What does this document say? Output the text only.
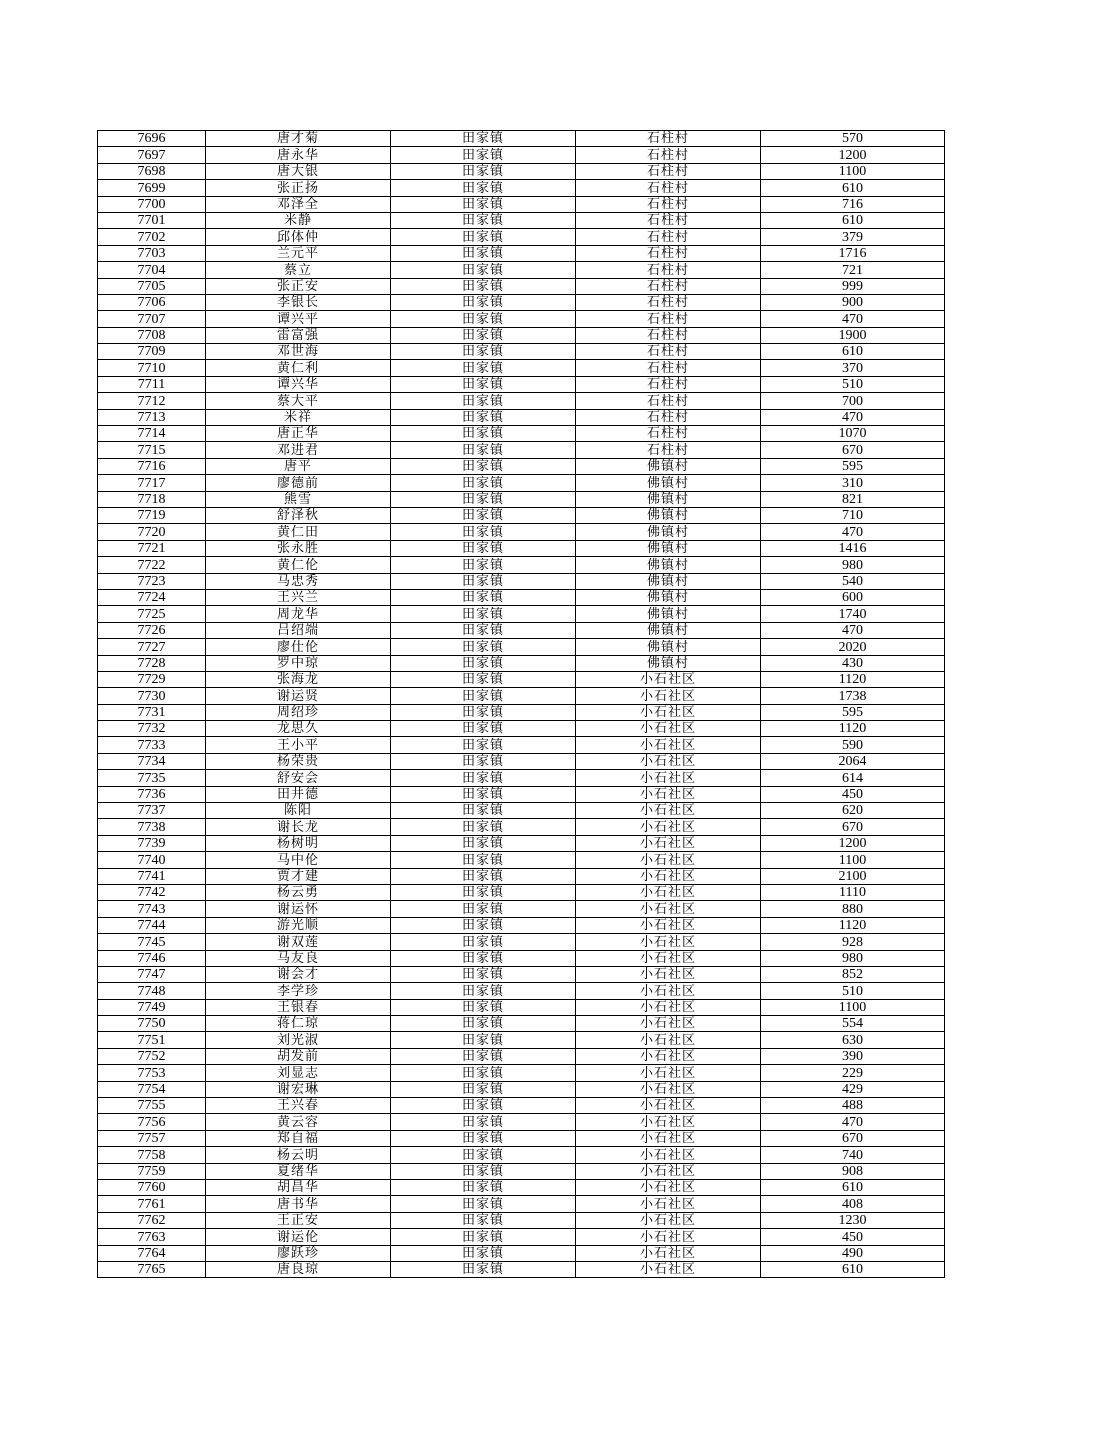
7696	唐才菊	田家镇	石柱村	570
7697	唐永华	田家镇	石柱村	1200
7698	唐大银	田家镇	石柱村	1100
7699	张正扬	田家镇	石柱村	610
7700	邓泽全	田家镇	石柱村	716
7701	米静	田家镇	石柱村	610
7702	邱体仲	田家镇	石柱村	379
7703	兰元平	田家镇	石柱村	1716
7704	蔡立	田家镇	石柱村	721
7705	张正安	田家镇	石柱村	999
7706	李银长	田家镇	石柱村	900
7707	谭兴平	田家镇	石柱村	470
7708	雷富强	田家镇	石柱村	1900
7709	邓世海	田家镇	石柱村	610
7710	黄仁利	田家镇	石柱村	370
7711	谭兴华	田家镇	石柱村	510
7712	蔡大平	田家镇	石柱村	700
7713	米祥	田家镇	石柱村	470
7714	唐正华	田家镇	石柱村	1070
7715	邓进君	田家镇	石柱村	670
7716	唐平	田家镇	佛镇村	595
7717	廖德前	田家镇	佛镇村	310
7718	熊雪	田家镇	佛镇村	821
7719	舒泽秋	田家镇	佛镇村	710
7720	黄仁田	田家镇	佛镇村	470
7721	张永胜	田家镇	佛镇村	1416
7722	黄仁伦	田家镇	佛镇村	980
7723	马忠秀	田家镇	佛镇村	540
7724	王兴兰	田家镇	佛镇村	600
7725	周龙华	田家镇	佛镇村	1740
7726	吕绍端	田家镇	佛镇村	470
7727	廖仕伦	田家镇	佛镇村	2020
7728	罗中琼	田家镇	佛镇村	430
7729	张海龙	田家镇	小石社区	1120
7730	谢运贤	田家镇	小石社区	1738
7731	周绍珍	田家镇	小石社区	595
7732	龙思久	田家镇	小石社区	1120
7733	王小平	田家镇	小石社区	590
7734	杨荣贵	田家镇	小石社区	2064
7735	舒安会	田家镇	小石社区	614
7736	田井德	田家镇	小石社区	450
7737	陈阳	田家镇	小石社区	620
7738	谢长龙	田家镇	小石社区	670
7739	杨树明	田家镇	小石社区	1200
7740	马中伦	田家镇	小石社区	1100
7741	贾才建	田家镇	小石社区	2100
7742	杨云勇	田家镇	小石社区	1110
7743	谢运怀	田家镇	小石社区	880
7744	游光顺	田家镇	小石社区	1120
7745	谢双莲	田家镇	小石社区	928
7746	马友良	田家镇	小石社区	980
7747	谢会才	田家镇	小石社区	852
7748	李学珍	田家镇	小石社区	510
7749	王银春	田家镇	小石社区	1100
7750	蒋仁琼	田家镇	小石社区	554
7751	刘光淑	田家镇	小石社区	630
7752	胡发前	田家镇	小石社区	390
7753	刘显志	田家镇	小石社区	229
7754	谢宏琳	田家镇	小石社区	429
7755	王兴春	田家镇	小石社区	488
7756	黄云容	田家镇	小石社区	470
7757	郑自福	田家镇	小石社区	670
7758	杨云明	田家镇	小石社区	740
7759	夏绪华	田家镇	小石社区	908
7760	胡昌华	田家镇	小石社区	610
7761	唐书华	田家镇	小石社区	408
7762	王正安	田家镇	小石社区	1230
7763	谢运伦	田家镇	小石社区	450
7764	廖跃珍	田家镇	小石社区	490
7765	唐良琼	田家镇	小石社区	610
